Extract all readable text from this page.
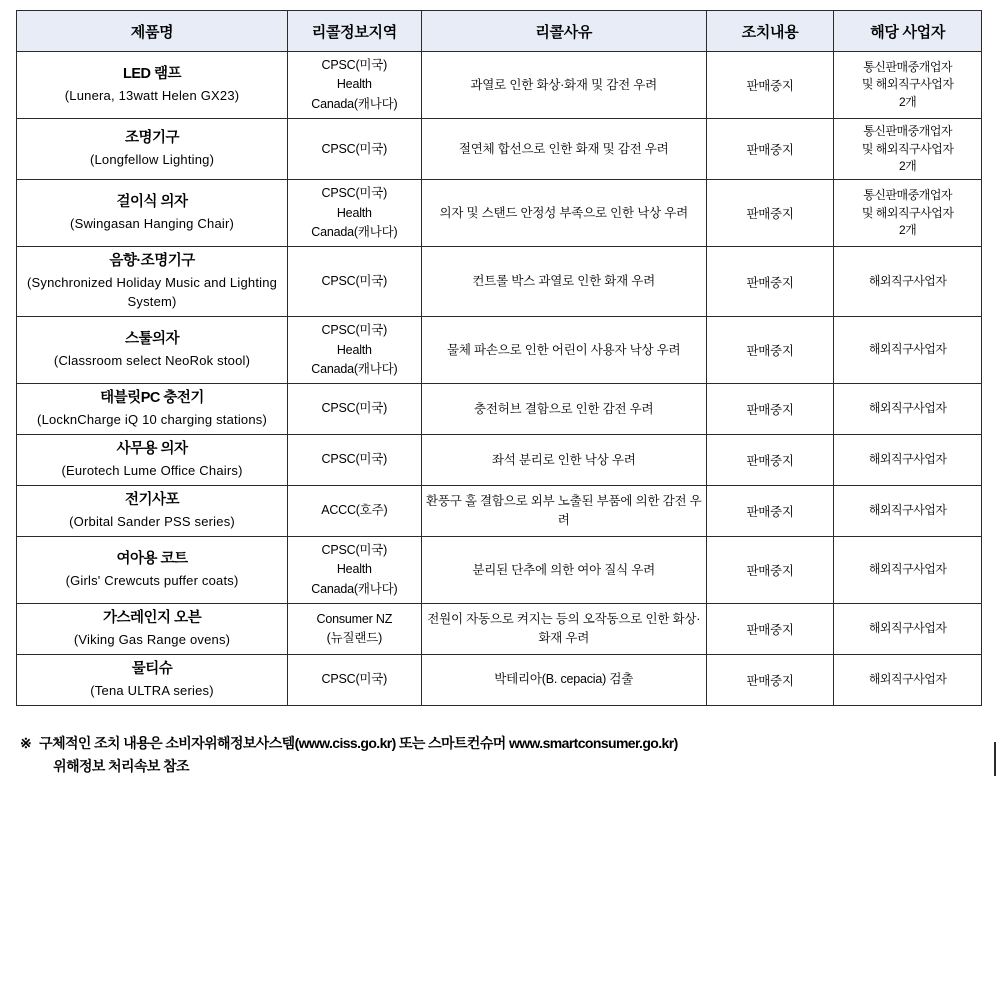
제품명	리콜정보지역	리콜사유	조치내용	해당 사업자

LED 램프
(Lunera, 13watt Helen GX23)	CPSC(미국)
Health
Canada(캐나다)	과열로 인한 화상·화재 및 감전 우려	판매중지	통신판매중개업자
및 해외직구사업자
2개

조명기구
(Longfellow Lighting)	CPSC(미국)	절연체 합선으로 인한 화재 및 감전 우려	판매중지	통신판매중개업자
및 해외직구사업자
2개

걸이식 의자
(Swingasan Hanging Chair)	CPSC(미국)
Health
Canada(캐나다)	의자 및 스탠드 안정성 부족으로 인한 낙상 우려	판매중지	통신판매중개업자
및 해외직구사업자
2개

음향·조명기구
(Synchronized Holiday Music and Lighting System)	CPSC(미국)	컨트롤 박스 과열로 인한 화재 우려	판매중지	해외직구사업자

스툴의자
(Classroom select NeoRok stool)	CPSC(미국)
Health
Canada(캐나다)	물체 파손으로 인한 어린이 사용자 낙상 우려	판매중지	해외직구사업자

태블릿PC 충전기
(LocknCharge iQ 10 charging stations)	CPSC(미국)	충전허브 결함으로 인한 감전 우려	판매중지	해외직구사업자

사무용 의자
(Eurotech Lume Office Chairs)	CPSC(미국)	좌석 분리로 인한 낙상 우려	판매중지	해외직구사업자

전기사포
(Orbital Sander PSS series)	ACCC(호주)	환풍구 홀 결함으로 외부 노출된 부품에 의한 감전 우려	판매중지	해외직구사업자

여아용 코트
(Girls' Crewcuts puffer coats)	CPSC(미국)
Health
Canada(캐나다)	분리된 단추에 의한 여아 질식 우려	판매중지	해외직구사업자

가스레인지 오븐
(Viking Gas Range ovens)	Consumer NZ
(뉴질랜드)	전원이 자동으로 켜지는 등의 오작동으로 인한 화상·화재 우려	판매중지	해외직구사업자

물티슈
(Tena ULTRA series)	CPSC(미국)	박테리아(B. cepacia) 검출	판매중지	해외직구사업자
※ 구체적인 조치 내용은 소비자위해정보사스템(www.ciss.go.kr) 또는 스마트컨슈머 www.smartconsumer.go.kr)
위해정보 처리속보 참조
